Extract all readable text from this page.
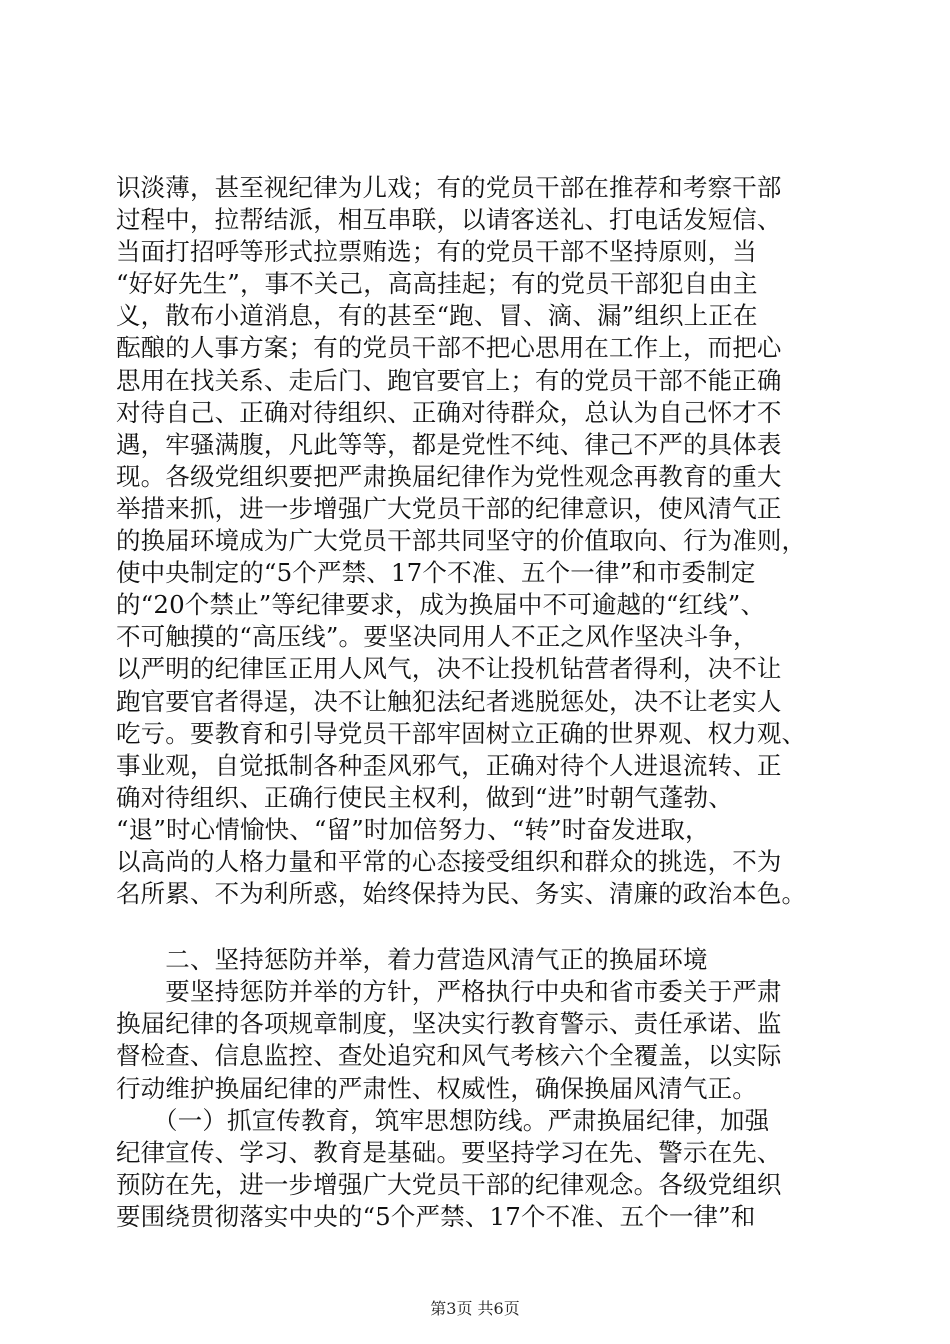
识淡薄，甚至视纪律为儿戏；有的党员干部在推荐和考察干部
过程中，拉帮结派，相互串联，以请客送礼、打电话发短信、
当面打招呼等形式拉票贿选；有的党员干部不坚持原则，当
“好好先生”，事不关己，高高挂起；有的党员干部犯自由主
义，散布小道消息，有的甚至“跑、冒、滴、漏”组织上正在
酝酿的人事方案；有的党员干部不把心思用在工作上，而把心
思用在找关系、走后门、跑官要官上；有的党员干部不能正确
对待自己、正确对待组织、正确对待群众，总认为自己怀才不
遇，牢骚满腹，凡此等等，都是党性不纯、律己不严的具体表
现。各级党组织要把严肃换届纪律作为党性观念再教育的重大
举措来抓，进一步增强广大党员干部的纪律意识，使风清气正
的换届环境成为广大党员干部共同坚守的价值取向、行为准则，
使中央制定的“5个严禁、17个不准、五个一律”和市委制定
的“20个禁止”等纪律要求，成为换届中不可逾越的“红线”、
不可触摸的“高压线”。要坚决同用人不正之风作坚决斗争，
以严明的纪律匡正用人风气，决不让投机钻营者得利，决不让
跑官要官者得逞，决不让触犯法纪者逃脱惩处，决不让老实人
吃亏。要教育和引导党员干部牢固树立正确的世界观、权力观、
事业观，自觉抵制各种歪风邪气，正确对待个人进退流转、正
确对待组织、正确行使民主权利，做到“进”时朝气蓬勃、
“退”时心情愉快、“留”时加倍努力、“转”时奋发进取，
以高尚的人格力量和平常的心态接受组织和群众的挑选，不为
名所累、不为利所惑，始终保持为民、务实、清廉的政治本色。
　　二、坚持惩防并举，着力营造风清气正的换届环境
　　要坚持惩防并举的方针，严格执行中央和省市委关于严肃
换届纪律的各项规章制度，坚决实行教育警示、责任承诺、监
督检查、信息监控、查处追究和风气考核六个全覆盖，以实际
行动维护换届纪律的严肃性、权威性，确保换届风清气正。
　　（一）抓宣传教育，筑牢思想防线。严肃换届纪律，加强
纪律宣传、学习、教育是基础。要坚持学习在先、警示在先、
预防在先，进一步增强广大党员干部的纪律观念。各级党组织
要围绕贯彻落实中央的“5个严禁、17个不准、五个一律”和
第3页 共6页
